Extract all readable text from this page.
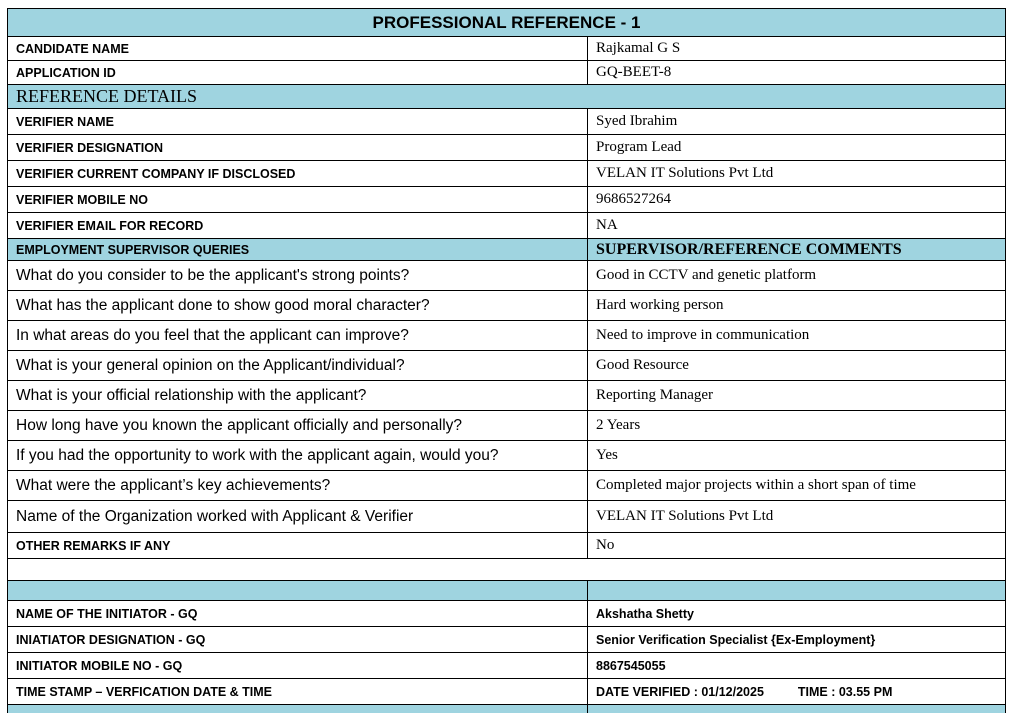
PROFESSIONAL REFERENCE - 1	
CANDIDATE NAME	Rajkamal G S
APPLICATION ID	GQ-BEET-8
REFERENCE DETAILS	
VERIFIER NAME	Syed Ibrahim
VERIFIER DESIGNATION	Program Lead
VERIFIER CURRENT COMPANY IF DISCLOSED	VELAN IT Solutions Pvt Ltd
VERIFIER MOBILE NO	9686527264
VERIFIER EMAIL FOR RECORD	NA
EMPLOYMENT SUPERVISOR QUERIES	SUPERVISOR/REFERENCE COMMENTS
What do you consider to be the applicant's strong points?	Good in CCTV and genetic platform
What has the applicant done to show good moral character?	Hard working person
In what areas do you feel that the applicant can improve?	Need to improve in communication
What is your general opinion on the Applicant/individual?	Good Resource
What is your official relationship with the applicant?	Reporting Manager
How long have you known the applicant officially and personally?	2 Years
If you had the opportunity to work with the applicant again, would you?	Yes
What were the applicant’s key achievements?	Completed major projects within a short span of time
Name of the Organization worked with Applicant & Verifier	VELAN IT Solutions Pvt Ltd
OTHER REMARKS IF ANY	No

NAME OF THE INITIATOR - GQ	Akshatha Shetty
INIATIATOR DESIGNATION - GQ	Senior Verification Specialist {Ex-Employment}
INITIATOR MOBILE NO - GQ	8867545055
TIME STAMP – VERFICATION DATE & TIME	DATE VERIFIED : 01/12/2025 TIME : 03.55 PM
